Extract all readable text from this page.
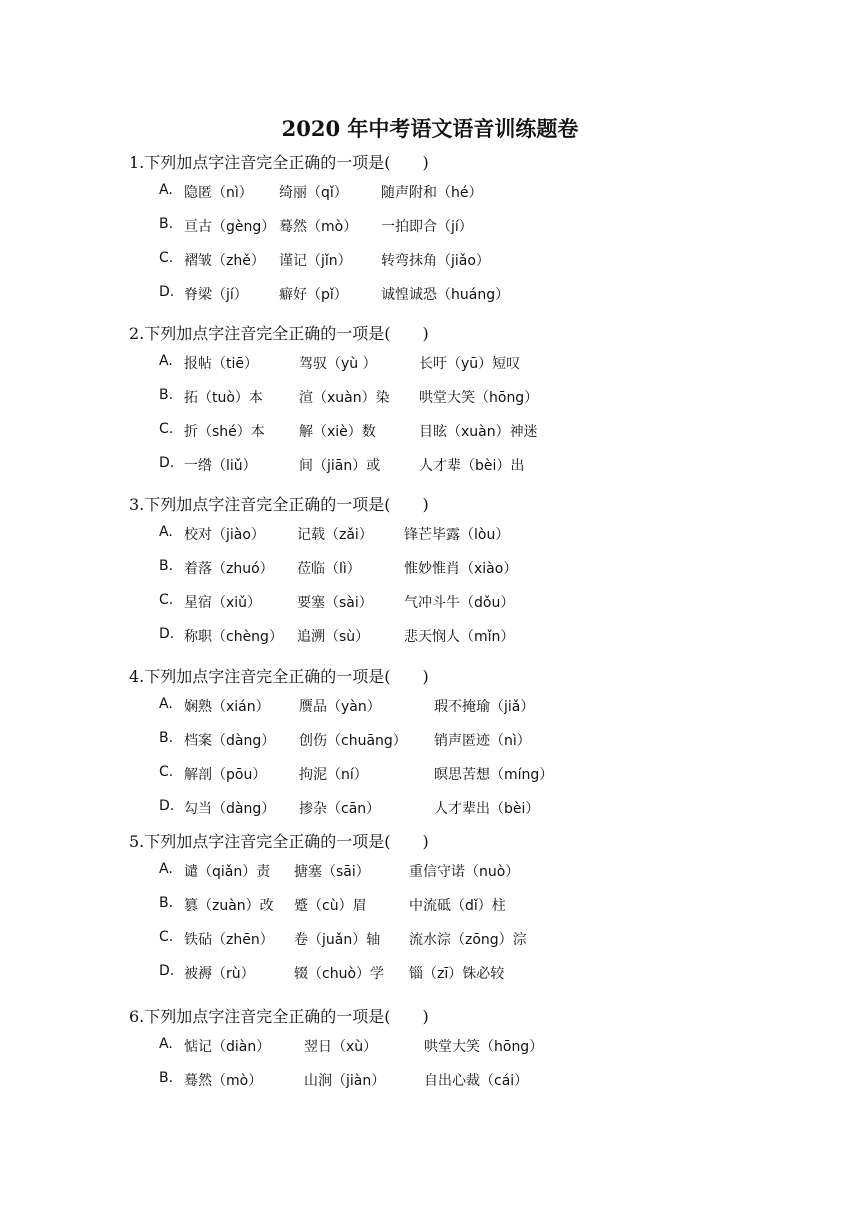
2020 年中考语文语音训练题卷
1.下列加点字注音完全正确的一项是(　　)
A. 隐匿（nì） 绮丽（qǐ） 随声附和（hé）
B. 亘古（gèng） 蓦然（mò） 一拍即合（jí）
C. 褶皱（zhě） 谨记（jǐn） 转弯抹角（jiǎo）
D. 脊梁（jí） 癖好（pǐ） 诚惶诚恐（huáng）
2.下列加点字注音完全正确的一项是(　　)
A. 报帖（tiē）	驾驭（yù ）	长吁（yū）短叹
B. 拓（tuò）本	渲（xuàn）染 哄堂大笑（hōng）
C. 折（shé）本 解（xiè）数	目眩（xuàn）神迷
D. 一绺（liǔ）	间（jiān）或	人才辈（bèi）出
3.下列加点字注音完全正确的一项是(　　)
A. 校对（jiào） 记载（zǎi） 锋芒毕露（lòu）
B. 着落（zhuó） 莅临（lì）	惟妙惟肖（xiào）
C. 星宿（xiǔ）	要塞（sài） 气冲斗牛（dǒu）
D. 称职（chèng） 追溯（sù） 悲天悯人（mǐn）
4.下列加点字注音完全正确的一项是(　　)
A. 娴熟（xián） 赝品（yàn）	瑕不掩瑜（jiǎ）
B. 档案（dàng） 创伤（chuāng） 销声匿迹（nì）
C. 解剖（pōu） 拘泥（ní）	暝思苦想（míng）
D. 勾当（dàng） 掺杂（cān）	人才辈出（bèi）
5.下列加点字注音完全正确的一项是(　　)
A. 谴（qiǎn）责 搪塞（sāi）	重信守诺（nuò）
B. 篡（zuàn）改 蹙（cù）眉	中流砥（dǐ）柱
C. 铁砧（zhēn） 卷（juǎn）轴 流水淙（zōng）淙
D. 被褥（rù）	辍（chuò）学 锱（zī）铢必较
6.下列加点字注音完全正确的一项是(　　)
A. 惦记（diàn） 翌日（xù）	哄堂大笑（hōng）
B. 蓦然（mò）	山涧（jiàn）	自出心裁（cái）
